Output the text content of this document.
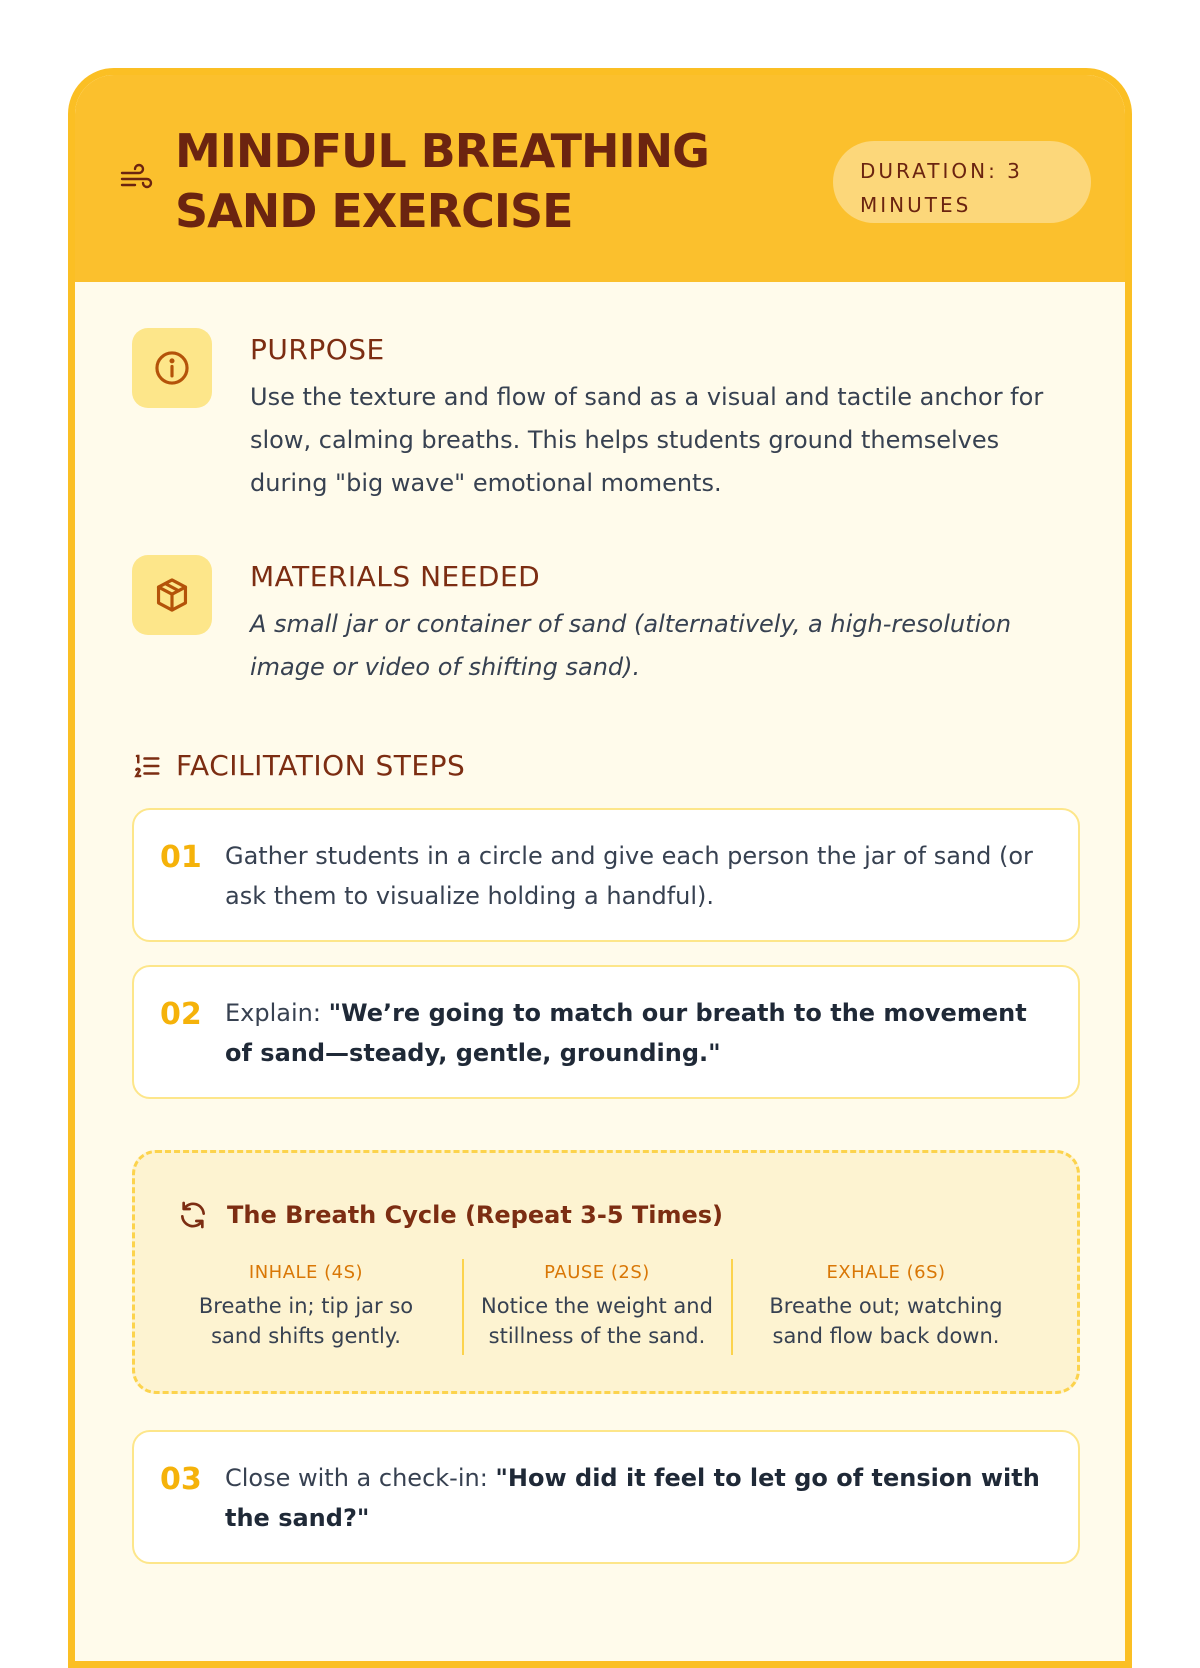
MINDFUL BREATHING SAND EXERCISE
DURATION: 3 MINUTES
PURPOSE
Use the texture and flow of sand as a visual and tactile anchor for slow, calming breaths. This helps students ground themselves during "big wave" emotional moments.
MATERIALS NEEDED
A small jar or container of sand (alternatively, a high-resolution image or video of shifting sand).
FACILITATION STEPS
01 Gather students in a circle and give each person the jar of sand (or ask them to visualize holding a handful).
02 Explain: "We’re going to match our breath to the movement of sand—steady, gentle, grounding."
The Breath Cycle (Repeat 3-5 Times)
INHALE (4S)
Breathe in; tip jar so sand shifts gently.
PAUSE (2S)
Notice the weight and stillness of the sand.
EXHALE (6S)
Breathe out; watching sand flow back down.
03 Close with a check-in: "How did it feel to let go of tension with the sand?"
